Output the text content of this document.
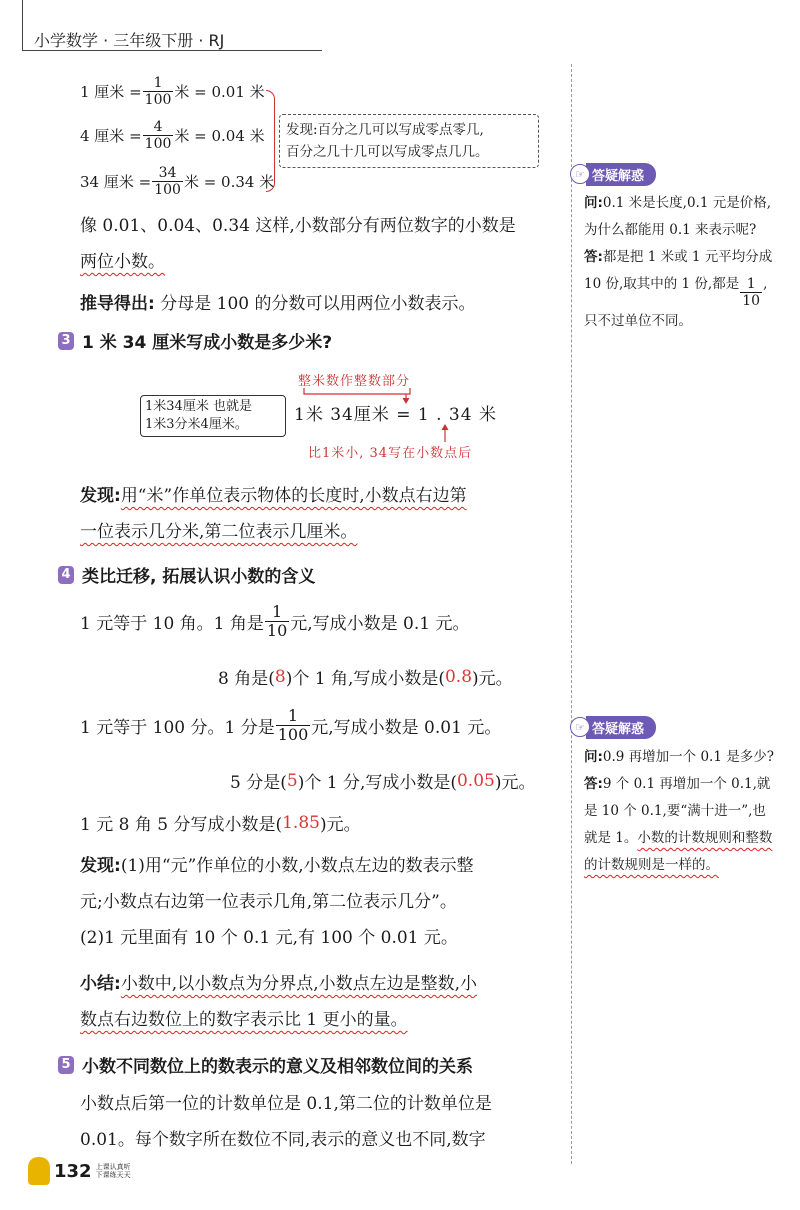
小学数学 · 三年级下册 · RJ
1 厘米 = $\frac{1}{100}$ 米 = 0.01 米
4 厘米 = $\frac{4}{100}$ 米 = 0.04 米
34 厘米 = $\frac{34}{100}$ 米 = 0.34 米
发现:百分之几可以写成零点零几,
百分之几十几可以写成零点几几。
像 0.01、0.04、0.34 这样,小数部分有两位数字的小数是
两位小数。
推导得出: 分母是 100 的分数可以用两位小数表示。
3 1 米 34 厘米写成小数是多少米?
整米数作整数部分
1米34厘米 也就是
1米3分米4厘米。	1米 34厘米 = 1 . 34 米
比1米小, 34写在小数点后
发现:用“米”作单位表示物体的长度时,小数点右边第
一位表示几分米,第二位表示几厘米。
4 类比迁移, 拓展认识小数的含义
1 元等于 10 角。1 角是 $\frac{1}{10}$ 元,写成小数是 0.1 元。
8 角是( 8 )个 1 角,写成小数是( 0.8 )元。
1 元等于 100 分。1 分是 $\frac{1}{100}$ 元,写成小数是 0.01 元。
5 分是( 5 )个 1 分,写成小数是( 0.05 )元。
1 元 8 角 5 分写成小数是( 1.85 )元。
发现:(1)用“元”作单位的小数,小数点左边的数表示整
元;小数点右边第一位表示几角,第二位表示几分”。
(2)1 元里面有 10 个 0.1 元,有 100 个 0.01 元。
小结:小数中,以小数点为分界点,小数点左边是整数,小
数点右边数位上的数字表示比 1 更小的量。
5 小数不同数位上的数表示的意义及相邻数位间的关系
小数点后第一位的计数单位是 0.1,第二位的计数单位是
0.01。每个数字所在数位不同,表示的意义也不同,数字
☞ 答疑解惑
问:0.1 米是长度,0.1 元是价格,为什么都能用 0.1 来表示呢?
答:都是把 1 米或 1 元平均分成 10 份,取其中的 1 份,都是 $\frac{1}{10}$ ,只不过单位不同。
☞ 答疑解惑
问:0.9 再增加一个 0.1 是多少?
答:9 个 0.1 再增加一个 0.1,就是 10 个 0.1,要“满十进一”,也就是 1。小数的计数规则和整数的计数规则是一样的。
132 上课认真听
下课练天天
